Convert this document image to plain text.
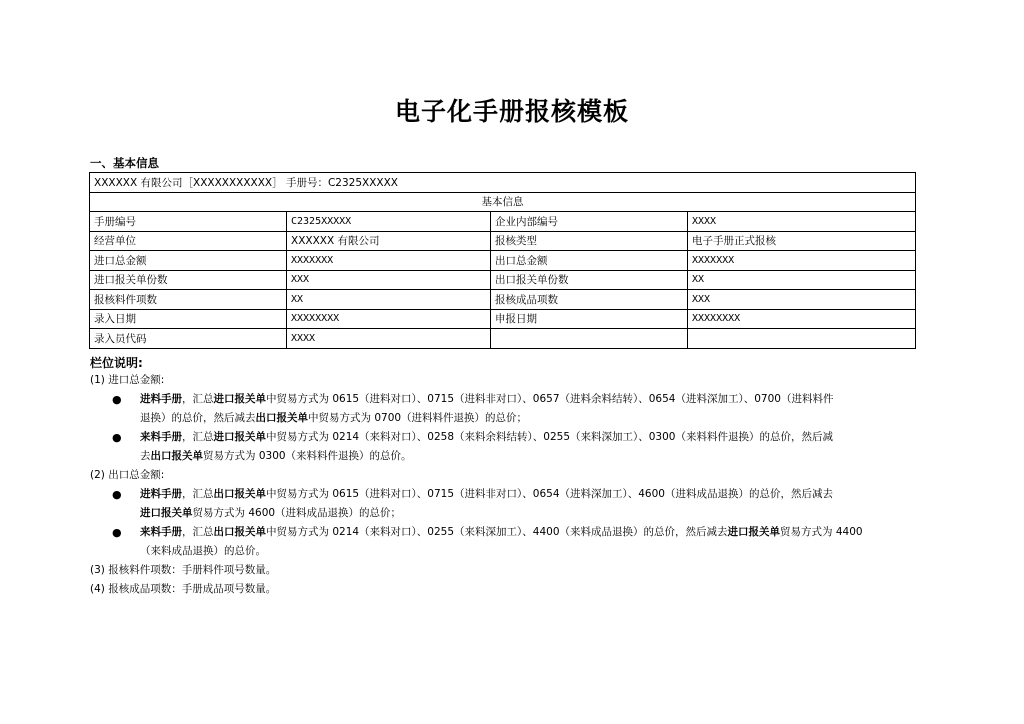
电子化手册报核模板
一、基本信息
XXXXXX 有限公司［XXXXXXXXXXX］ 手册号：C2325XXXXX			
基本信息			
手册编号	C2325XXXXX	企业内部编号	XXXX
经营单位	XXXXXX 有限公司	报核类型	电子手册正式报核
进口总金额	XXXXXXX	出口总金额	XXXXXXX
进口报关单份数	XXX	出口报关单份数	XX
报核料件项数	XX	报核成品项数	XXX
录入日期	XXXXXXXX	申报日期	XXXXXXXX
录入员代码	XXXX		
栏位说明:

(1) 进口总金额:

● 进料手册，汇总进口报关单中贸易方式为 0615（进料对口）、0715（进料非对口）、0657（进料余料结转）、0654（进料深加工）、0700（进料料件
退换）的总价，然后减去出口报关单中贸易方式为 0700（进料料件退换）的总价；

● 来料手册，汇总进口报关单中贸易方式为 0214（来料对口）、0258（来料余料结转）、0255（来料深加工）、0300（来料料件退换）的总价，然后减
去出口报关单贸易方式为 0300（来料料件退换）的总价。

(2) 出口总金额:

● 进料手册，汇总出口报关单中贸易方式为 0615（进料对口）、0715（进料非对口）、0654（进料深加工）、4600（进料成品退换）的总价，然后减去
进口报关单贸易方式为 4600（进料成品退换）的总价；

● 来料手册，汇总出口报关单中贸易方式为 0214（来料对口）、0255（来料深加工）、4400（来料成品退换）的总价，然后减去进口报关单贸易方式为 4400
（来料成品退换）的总价。

(3) 报核料件项数：手册料件项号数量。

(4) 报核成品项数：手册成品项号数量。
